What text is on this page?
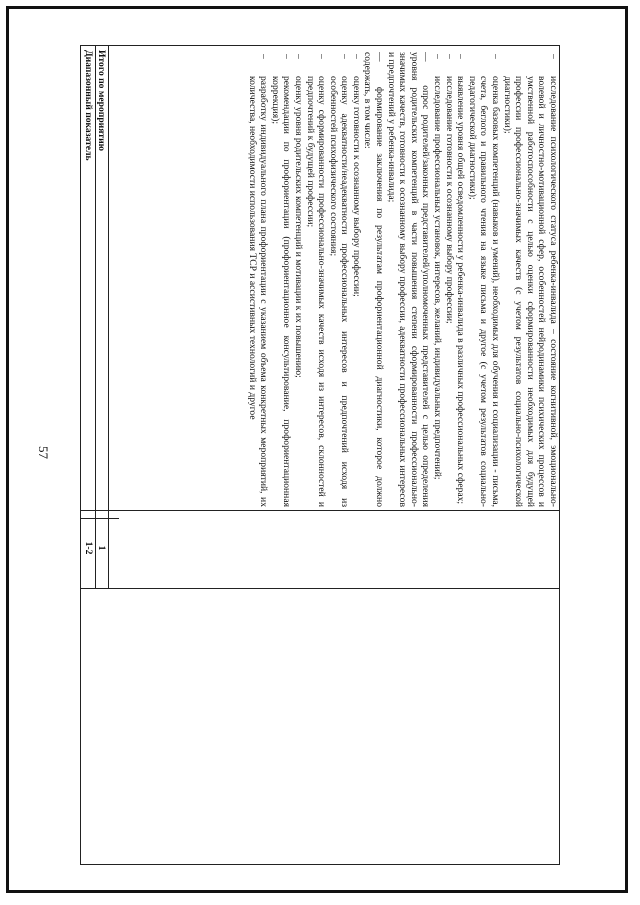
57
–
исследование психологического статуса ребенка-инвалида – состояние когнитивной, эмоционально-волевой и личностно-мотивационной сфер, особенностей нейродинамики психических процессов и умственной работоспособности с целью оценки сформированности необходимых для будущей профессии профессионально-значимых качеств (с учетом результатов социально-психологической диагностики);
–
оценка базовых компетенций (навыков и умений), необходимых для обучения и социализации - письма, счета, беглого и правильного чтения на языке письма и другое (с учетом результатов социально-педагогической диагностики);
–
выявление уровня общей осведомленности у ребенка-инвалида в различных профессиональных сферах;
–
исследование готовности к осознанному выбору профессии;
–
исследование профессиональных установок, интересов, желаний, индивидуальных предпочтений;
— опрос родителей/законных представителей/уполномоченных представителей с целью определения уровня родительских компетенций в части повышения степени сформированности профессионально-значимых качеств, готовности к осознанному выбору профессии, адекватности профессиональных интересов и предпочтений у ребенка-инвалида;
— формирование заключения по результатам профориентационной диагностики, которое должно содержать, в том числе:
–
оценку готовности к осознанному выбору профессии;
–
оценку адекватности/неадекватности профессиональных интересов и предпочтений исходя из особенностей психофизического состояния;
–
оценку сформированности профессионально-значимых качеств исходя из интересов, склонностей и предпочтений к будущей профессии;
–
оценку уровня родительских компетенций и мотивации к их повышению;
–
рекомендации по профориентации (профориентационное консультирование, профориентационная коррекция);
–
разработку индивидуального плана профориентации с указанием объема конкретных мероприятий, их количества, необходимости использования ТСР и ассистивных технологий и другое
Итого по мероприятию
1
Диапазонный показатель
1-2
